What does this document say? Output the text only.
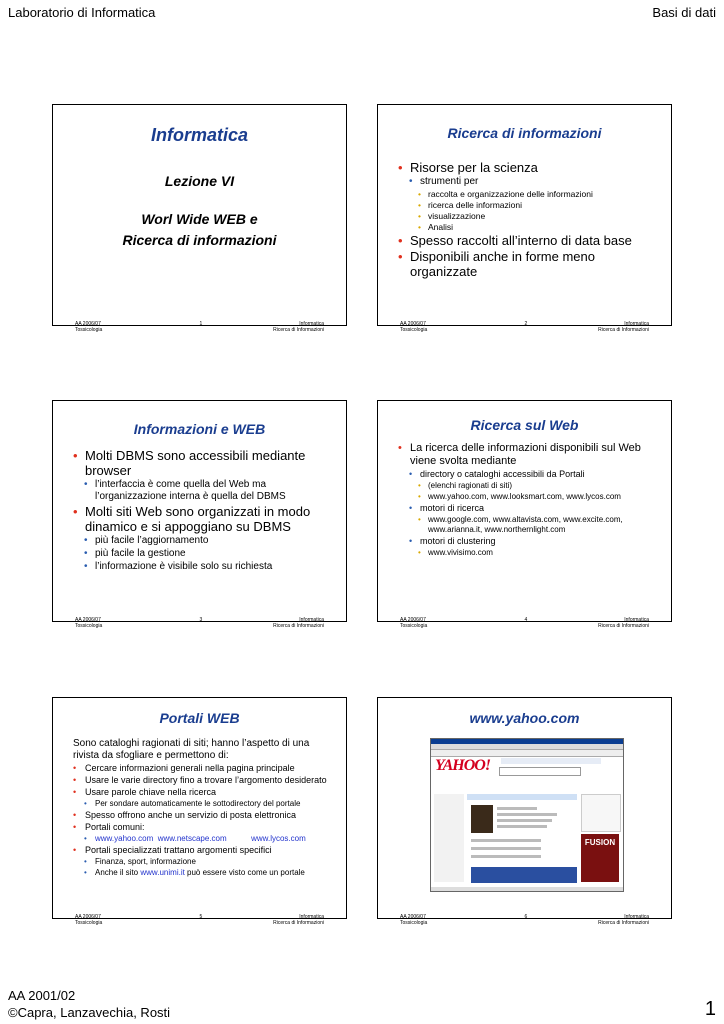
Laboratorio di Informatica	Basi di dati
Informatica
Lezione VI
Worl Wide WEB e
Ricerca di informazioni
AA 2006/07
Tossicologia
1	Informatica
Ricerca di Informazioni
Ricerca di informazioni
• Risorse per la scienza
• strumenti per
• raccolta e organizzazione delle informazioni
• ricerca delle informazioni
• visualizzazione
• Analisi
• Spesso raccolti all’interno di data base
• Disponibili anche in forme meno organizzate
AA 2006/07
Tossicologia
2	Informatica
Ricerca di Informazioni
Informazioni e WEB
• Molti DBMS sono accessibili mediante browser
• l’interfaccia è come quella del Web ma l’organizzazione interna è quella del DBMS
• Molti siti Web sono organizzati in modo dinamico e si appoggiano su DBMS
• più facile l’aggiornamento
• più facile la gestione
• l’informazione è visibile solo su richiesta
AA 2006/07
Tossicologia
3	Informatica
Ricerca di Informazioni
Ricerca sul Web
• La ricerca delle informazioni disponibili sul Web viene svolta mediante
• directory o cataloghi accessibili da Portali
• (elenchi ragionati di siti)
• www.yahoo.com, www.looksmart.com, www.lycos.com
• motori di ricerca
• www.google.com, www.altavista.com, www.excite.com, www.arianna.it, www.northernlight.com
• motori di clustering
• www.vivisimo.com
AA 2006/07
Tossicologia
4	Informatica
Ricerca di Informazioni
Portali WEB
Sono cataloghi ragionati di siti; hanno l’aspetto di una rivista da sfogliare e permettono di:
• Cercare informazioni generali nella pagina principale
• Usare le varie directory fino a trovare l’argomento desiderato
• Usare parole chiave nella ricerca
• Per sondare automaticamente le sottodirectory del portale
• Spesso offrono anche un servizio di posta elettronica
• Portali comuni:
• www.yahoo.com www.netscape.com	www.lycos.com
• Portali specializzati trattano argomenti specifici
• Finanza, sport, informazione
• Anche il sito www.unimi.it può essere visto come un portale
AA 2006/07
Tossicologia
5	Informatica
Ricerca di Informazioni
www.yahoo.com
YAHOO!
FUSION
AA 2006/07
Tossicologia
6	Informatica
Ricerca di Informazioni
AA 2001/02
©Capra, Lanzavechia, Rosti	1
